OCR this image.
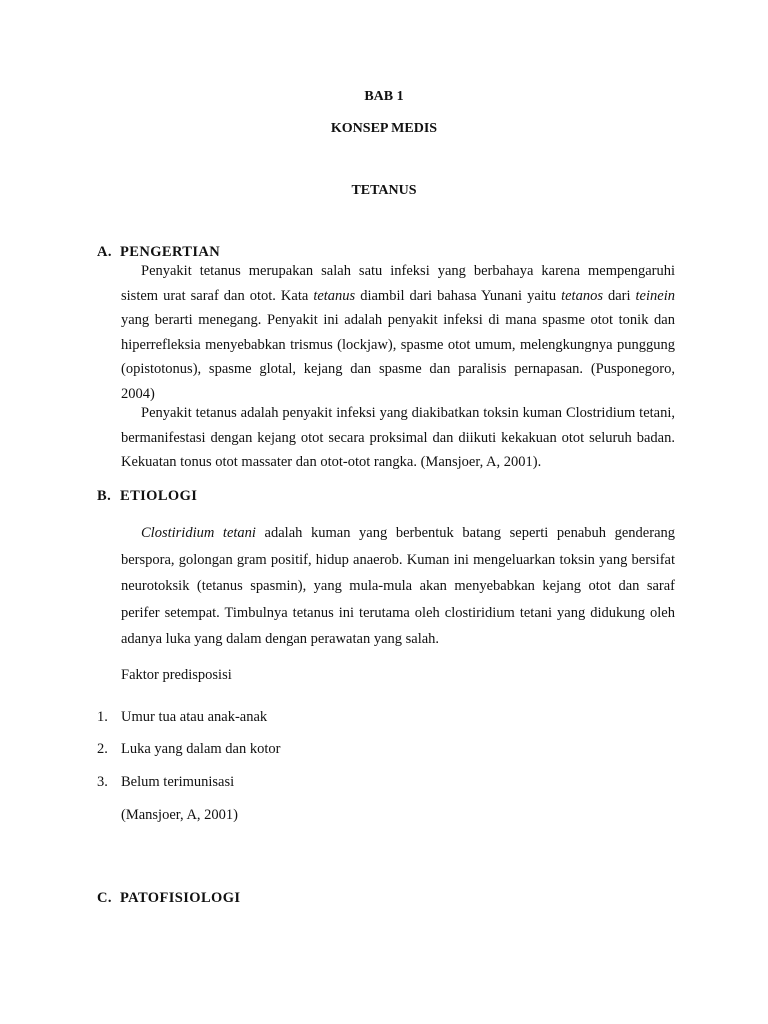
BAB 1
KONSEP MEDIS
TETANUS
A. PENGERTIAN
Penyakit tetanus merupakan salah satu infeksi yang berbahaya karena mempengaruhi sistem urat saraf dan otot. Kata tetanus diambil dari bahasa Yunani yaitu tetanos dari teinein yang berarti menegang. Penyakit ini adalah penyakit infeksi di mana spasme otot tonik dan hiperrefleksia menyebabkan trismus (lockjaw), spasme otot umum, melengkungnya punggung (opistotonus), spasme glotal, kejang dan spasme dan paralisis pernapasan. (Pusponegoro, 2004)
Penyakit tetanus adalah penyakit infeksi yang diakibatkan toksin kuman Clostridium tetani, bermanifestasi dengan kejang otot secara proksimal dan diikuti kekakuan otot seluruh badan. Kekuatan tonus otot massater dan otot-otot rangka. (Mansjoer, A, 2001).
B. ETIOLOGI
Clostiridium tetani adalah kuman yang berbentuk batang seperti penabuh genderang berspora, golongan gram positif, hidup anaerob. Kuman ini mengeluarkan toksin yang bersifat neurotoksik (tetanus spasmin), yang mula-mula akan menyebabkan kejang otot dan saraf perifer setempat. Timbulnya tetanus ini terutama oleh clostiridium tetani yang didukung oleh adanya luka yang dalam dengan perawatan yang salah.
Faktor predisposisi
1. Umur tua atau anak-anak
2. Luka yang dalam dan kotor
3. Belum terimunisasi
(Mansjoer, A, 2001)
C. PATOFISIOLOGI
